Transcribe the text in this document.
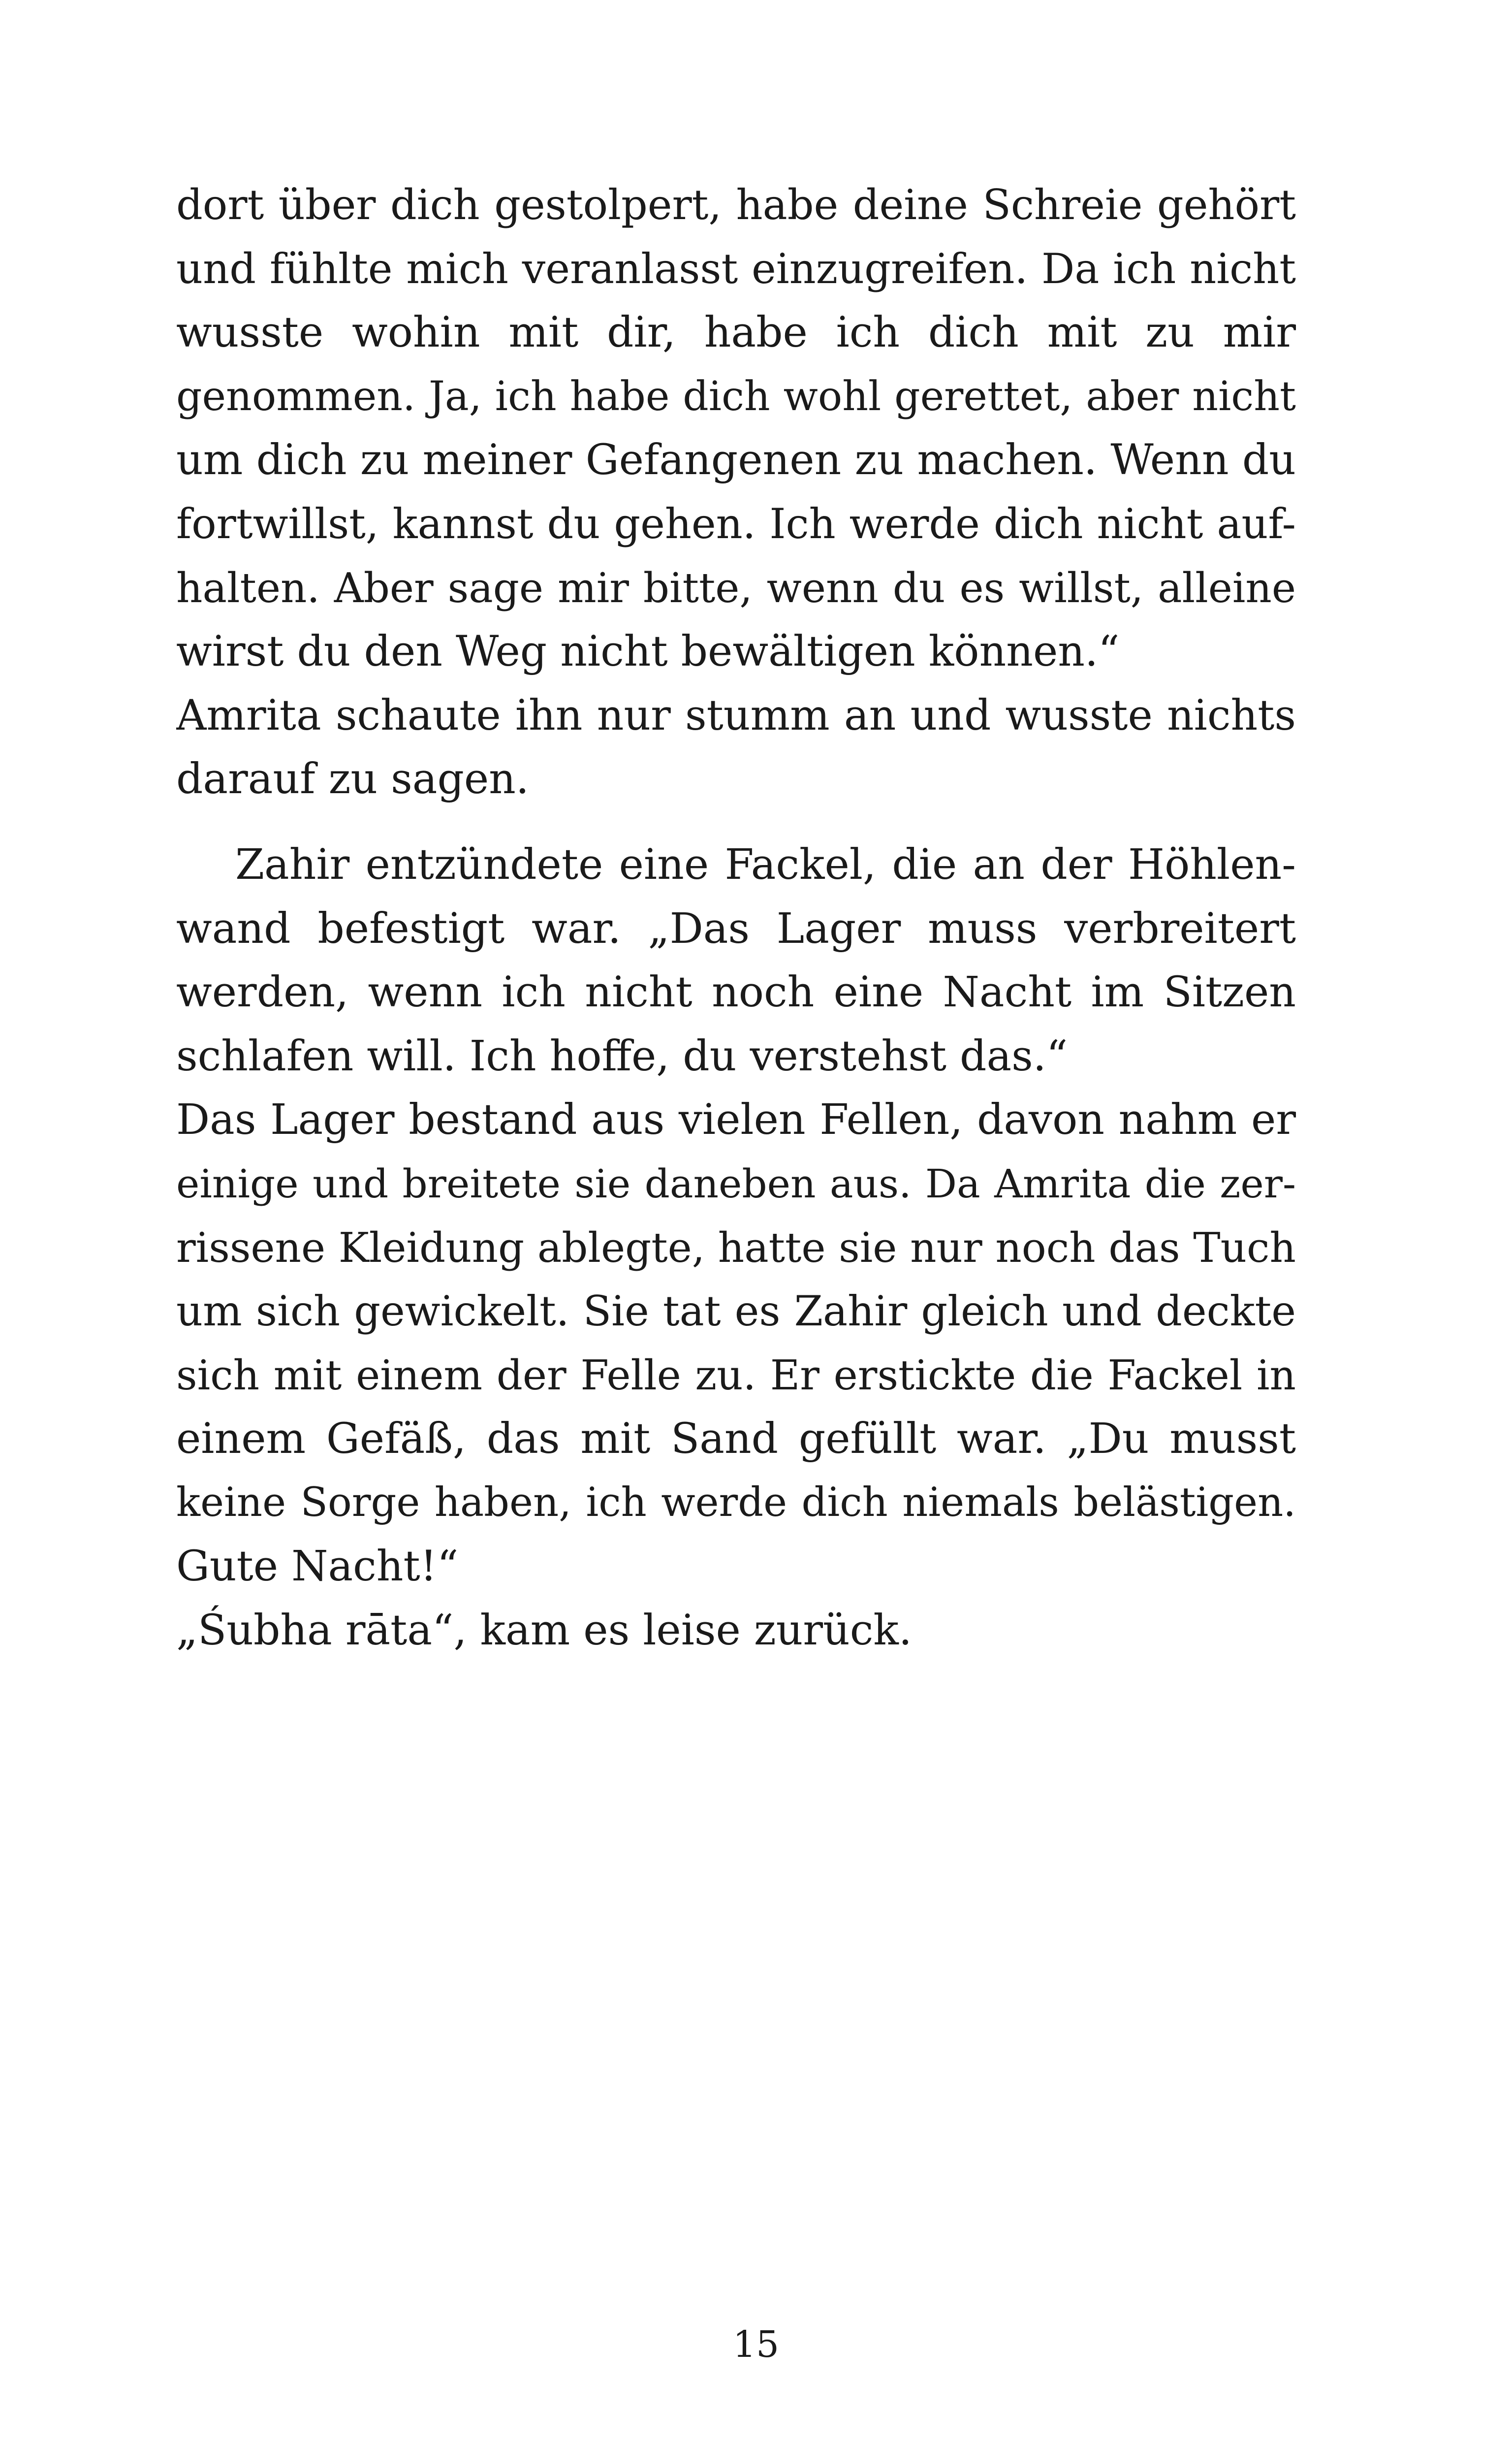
dort über dich gestolpert, habe deine Schreie gehört
und fühlte mich veranlasst einzugreifen. Da ich nicht
wusste wohin mit dir, habe ich dich mit zu mir
genommen. Ja, ich habe dich wohl gerettet, aber nicht
um dich zu meiner Gefangenen zu machen. Wenn du
fortwillst, kannst du gehen. Ich werde dich nicht auf-
halten. Aber sage mir bitte, wenn du es willst, alleine
wirst du den Weg nicht bewältigen können.“
Amrita schaute ihn nur stumm an und wusste nichts
darauf zu sagen.
Zahir entzündete eine Fackel, die an der Höhlen-
wand befestigt war. „Das Lager muss verbreitert
werden, wenn ich nicht noch eine Nacht im Sitzen
schlafen will. Ich hoffe, du verstehst das.“
Das Lager bestand aus vielen Fellen, davon nahm er
einige und breitete sie daneben aus. Da Amrita die zer-
rissene Kleidung ablegte, hatte sie nur noch das Tuch
um sich gewickelt. Sie tat es Zahir gleich und deckte
sich mit einem der Felle zu. Er erstickte die Fackel in
einem Gefäß, das mit Sand gefüllt war. „Du musst
keine Sorge haben, ich werde dich niemals belästigen.
Gute Nacht!“
„Śubha rāta“, kam es leise zurück.
15
